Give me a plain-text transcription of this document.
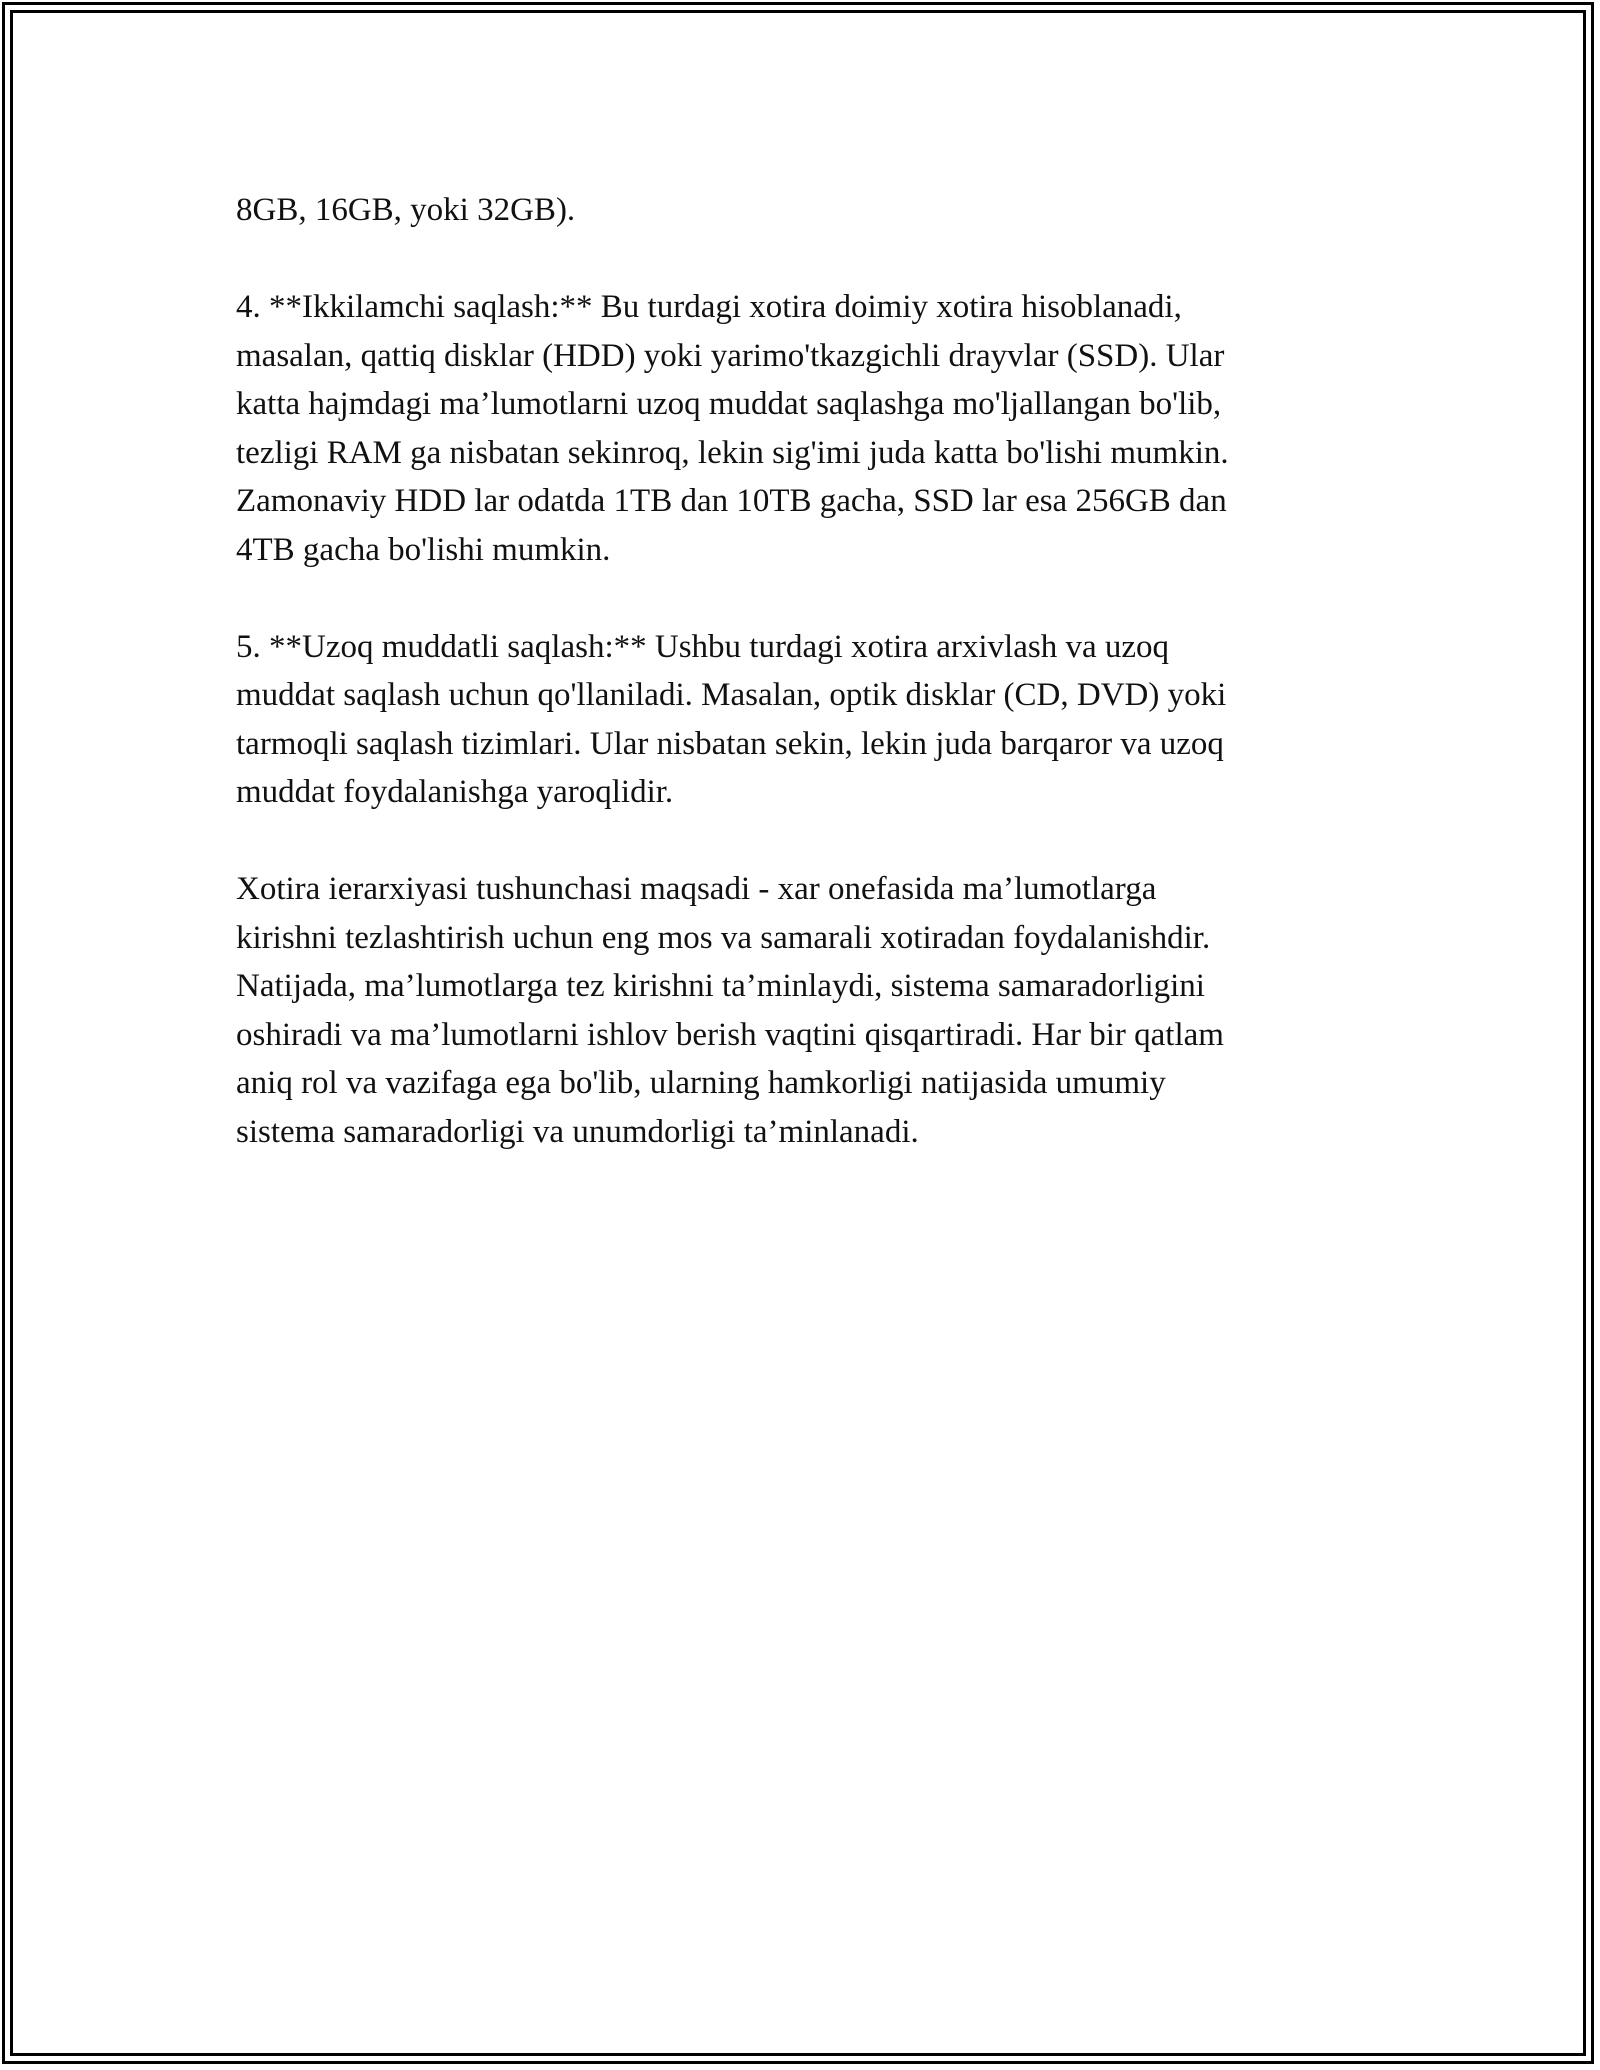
8GB, 16GB, yoki 32GB).

4. **Ikkilamchi saqlash:** Bu turdagi xotira doimiy xotira hisoblanadi,
masalan, qattiq disklar (HDD) yoki yarimo'tkazgichli drayvlar (SSD). Ular
katta hajmdagi ma’lumotlarni uzoq muddat saqlashga mo'ljallangan bo'lib,
tezligi RAM ga nisbatan sekinroq, lekin sig'imi juda katta bo'lishi mumkin.
Zamonaviy HDD lar odatda 1TB dan 10TB gacha, SSD lar esa 256GB dan
4TB gacha bo'lishi mumkin.

5. **Uzoq muddatli saqlash:** Ushbu turdagi xotira arxivlash va uzoq
muddat saqlash uchun qo'llaniladi. Masalan, optik disklar (CD, DVD) yoki
tarmoqli saqlash tizimlari. Ular nisbatan sekin, lekin juda barqaror va uzoq
muddat foydalanishga yaroqlidir.

Xotira ierarxiyasi tushunchasi maqsadi - xar onefasida ma’lumotlarga
kirishni tezlashtirish uchun eng mos va samarali xotiradan foydalanishdir.
Natijada, ma’lumotlarga tez kirishni ta’minlaydi, sistema samaradorligini
oshiradi va ma’lumotlarni ishlov berish vaqtini qisqartiradi. Har bir qatlam
aniq rol va vazifaga ega bo'lib, ularning hamkorligi natijasida umumiy
sistema samaradorligi va unumdorligi ta’minlanadi.
